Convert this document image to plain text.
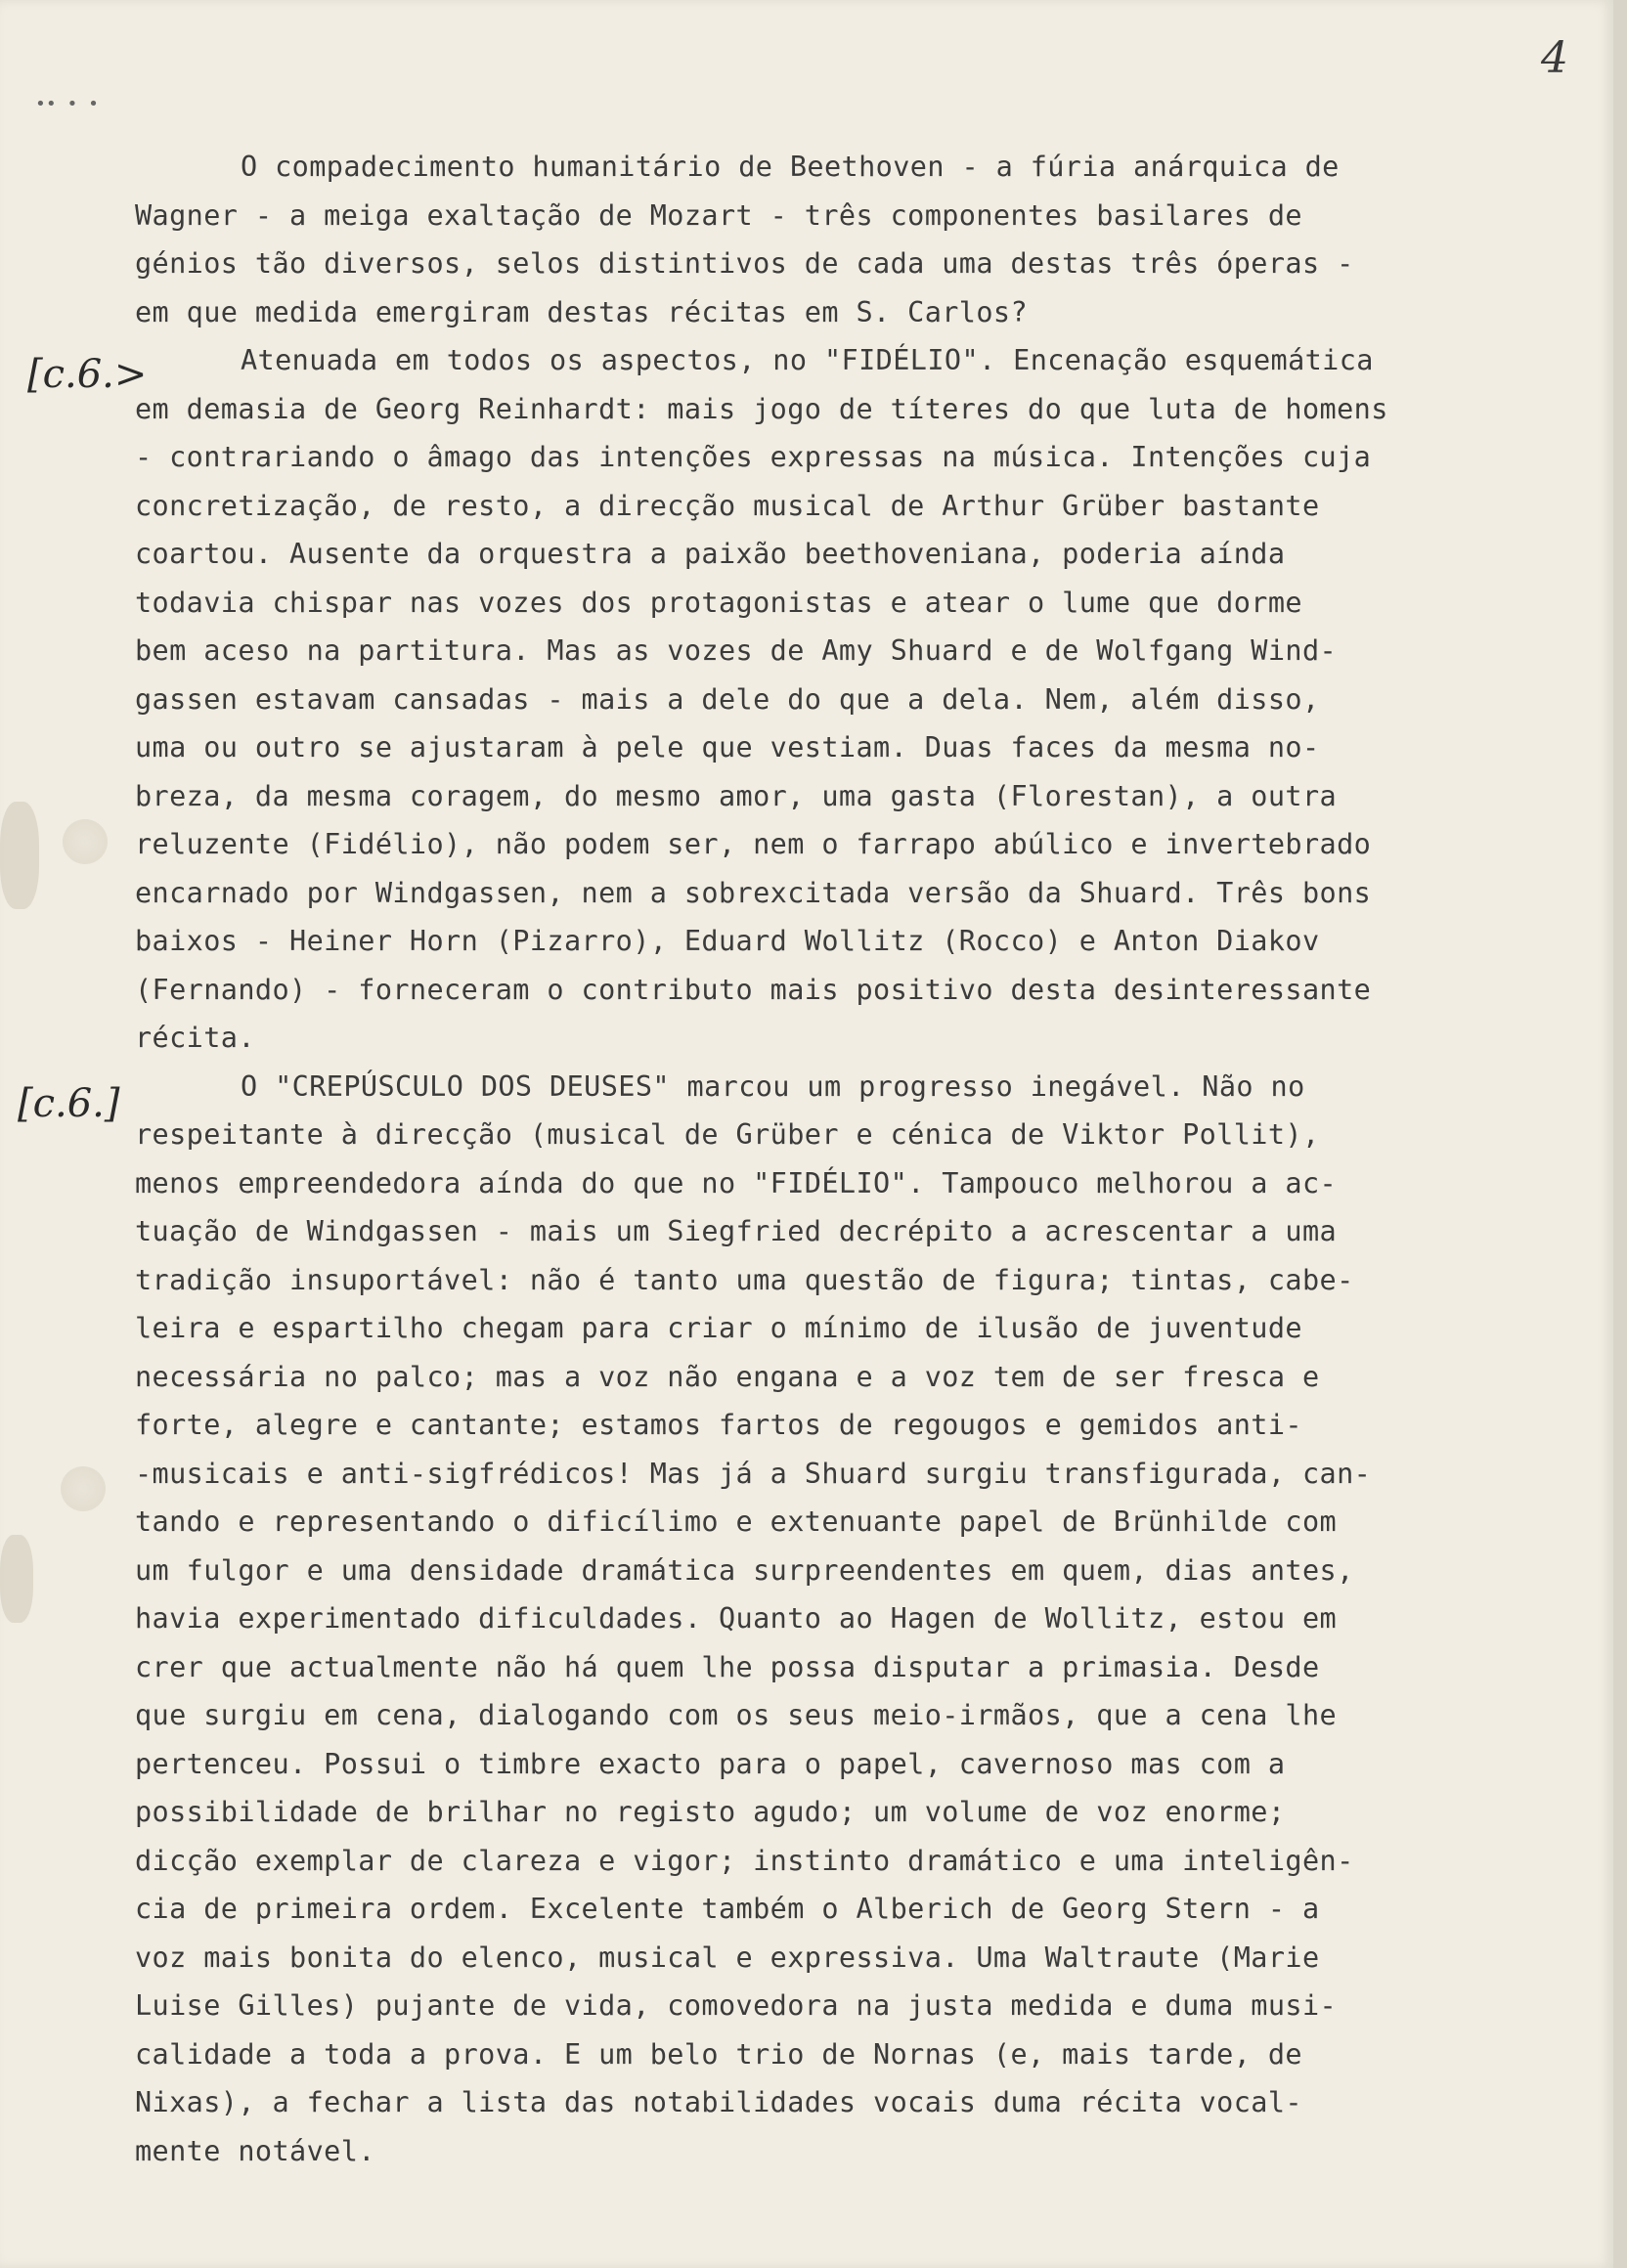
•• • •
4
[c.6.>
[c.6.]
O compadecimento humanitário de Beethoven - a fúria anárquica de
Wagner - a meiga exaltação de Mozart - três componentes basilares de
génios tão diversos, selos distintivos de cada uma destas três óperas -
em que medida emergiram destas récitas em S. Carlos?
Atenuada em todos os aspectos, no "FIDÉLIO". Encenação esquemática
em demasia de Georg Reinhardt: mais jogo de títeres do que luta de homens
- contrariando o âmago das intenções expressas na música. Intenções cuja
concretização, de resto, a direcção musical de Arthur Grüber bastante
coartou. Ausente da orquestra a paixão beethoveniana, poderia aínda
todavia chispar nas vozes dos protagonistas e atear o lume que dorme
bem aceso na partitura. Mas as vozes de Amy Shuard e de Wolfgang Wind-
gassen estavam cansadas - mais a dele do que a dela. Nem, além disso,
uma ou outro se ajustaram à pele que vestiam. Duas faces da mesma no-
breza, da mesma coragem, do mesmo amor, uma gasta (Florestan), a outra
reluzente (Fidélio), não podem ser, nem o farrapo abúlico e invertebrado
encarnado por Windgassen, nem a sobrexcitada versão da Shuard. Três bons
baixos - Heiner Horn (Pizarro), Eduard Wollitz (Rocco) e Anton Diakov
(Fernando) - forneceram o contributo mais positivo desta desinteressante
récita.
O "CREPÚSCULO DOS DEUSES" marcou um progresso inegável. Não no
respeitante à direcção (musical de Grüber e cénica de Viktor Pollit),
menos empreendedora aínda do que no "FIDÉLIO". Tampouco melhorou a ac-
tuação de Windgassen - mais um Siegfried decrépito a acrescentar a uma
tradição insuportável: não é tanto uma questão de figura; tintas, cabe-
leira e espartilho chegam para criar o mínimo de ilusão de juventude
necessária no palco; mas a voz não engana e a voz tem de ser fresca e
forte, alegre e cantante; estamos fartos de regougos e gemidos anti-
-musicais e anti-sigfrédicos! Mas já a Shuard surgiu transfigurada, can-
tando e representando o dificílimo e extenuante papel de Brünhilde com
um fulgor e uma densidade dramática surpreendentes em quem, dias antes,
havia experimentado dificuldades. Quanto ao Hagen de Wollitz, estou em
crer que actualmente não há quem lhe possa disputar a primasia. Desde
que surgiu em cena, dialogando com os seus meio-irmãos, que a cena lhe
pertenceu. Possui o timbre exacto para o papel, cavernoso mas com a
possibilidade de brilhar no registo agudo; um volume de voz enorme;
dicção exemplar de clareza e vigor; instinto dramático e uma inteligên-
cia de primeira ordem. Excelente também o Alberich de Georg Stern - a
voz mais bonita do elenco, musical e expressiva. Uma Waltraute (Marie
Luise Gilles) pujante de vida, comovedora na justa medida e duma musi-
calidade a toda a prova. E um belo trio de Nornas (e, mais tarde, de
Nixas), a fechar a lista das notabilidades vocais duma récita vocal-
mente notável.
